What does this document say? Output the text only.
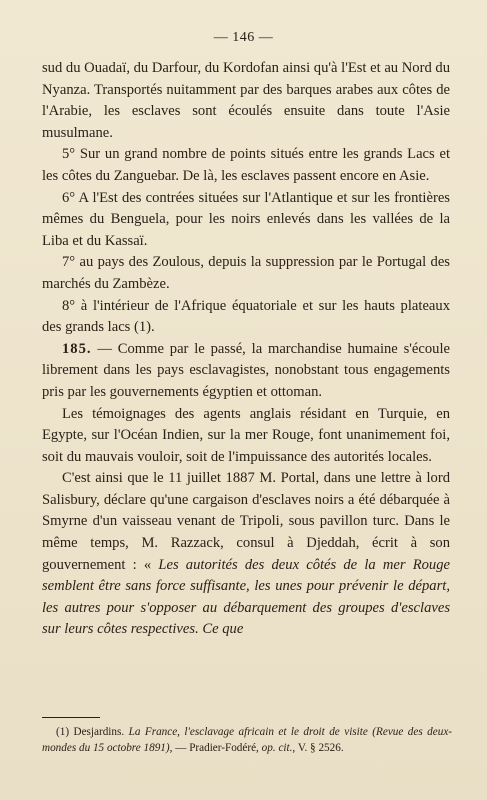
— 146 —

sud du Ouadaï, du Darfour, du Kordofan ainsi qu'à l'Est et au Nord du Nyanza. Transportés nuitamment par des barques arabes aux côtes de l'Arabie, les esclaves sont écoulés ensuite dans toute l'Asie musulmane.

5° Sur un grand nombre de points situés entre les grands Lacs et les côtes du Zanguebar. De là, les esclaves passent encore en Asie.

6° A l'Est des contrées situées sur l'Atlantique et sur les frontières mêmes du Benguela, pour les noirs enlevés dans les vallées de la Liba et du Kassaï.

7° au pays des Zoulous, depuis la suppression par le Portugal des marchés du Zambèze.

8° à l'intérieur de l'Afrique équatoriale et sur les hauts plateaux des grands lacs (1).

185. — Comme par le passé, la marchandise humaine s'écoule librement dans les pays esclavagistes, nonobstant tous engagements pris par les gouvernements égyptien et ottoman.

Les témoignages des agents anglais résidant en Turquie, en Egypte, sur l'Océan Indien, sur la mer Rouge, font unanimement foi, soit du mauvais vouloir, soit de l'impuissance des autorités locales.

C'est ainsi que le 11 juillet 1887 M. Portal, dans une lettre à lord Salisbury, déclare qu'une cargaison d'esclaves noirs a été débarquée à Smyrne d'un vaisseau venant de Tripoli, sous pavillon turc. Dans le même temps, M. Razzack, consul à Djeddah, écrit à son gouvernement : « Les autorités des deux côtés de la mer Rouge semblent être sans force suffisante, les unes pour prévenir le départ, les autres pour s'opposer au débarquement des groupes d'esclaves sur leurs côtes respectives. Ce que

(1) Desjardins. La France, l'esclavage africain et le droit de visite (Revue des deux-mondes du 15 octobre 1891), — Pradier-Fodéré, op. cit., V. § 2526.
